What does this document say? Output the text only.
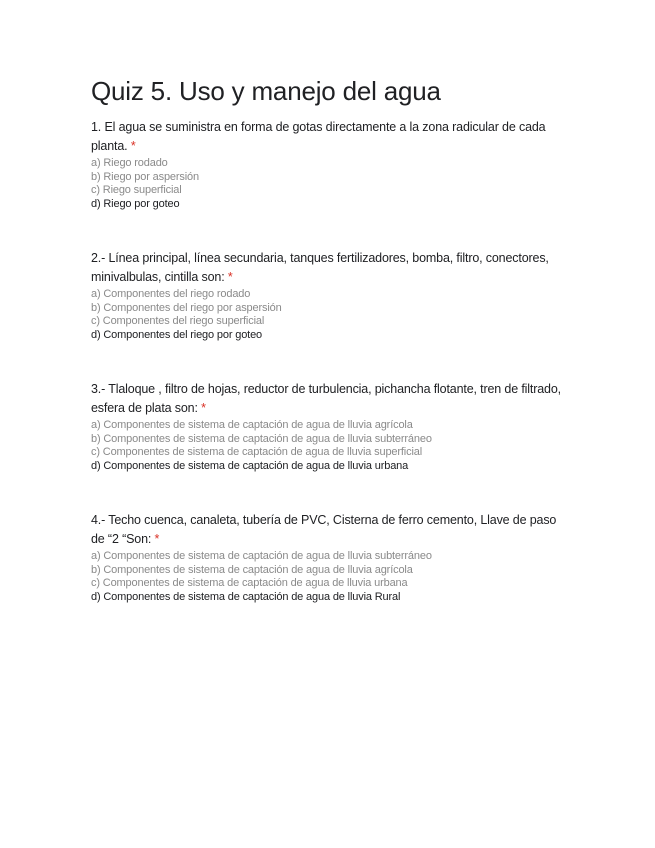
Quiz 5. Uso y manejo del agua
1. El agua se suministra en forma de gotas directamente a la zona radicular de cada planta. *
a) Riego rodado
b) Riego por aspersión
c) Riego superficial
d) Riego por goteo
2.- Línea principal, línea secundaria, tanques fertilizadores, bomba, filtro, conectores, minivalbulas, cintilla son: *
a) Componentes del riego rodado
b) Componentes del riego por aspersión
c) Componentes del riego superficial
d) Componentes del riego por goteo
3.- Tlaloque , filtro de hojas, reductor de turbulencia, pichancha flotante, tren de filtrado, esfera de plata son: *
a) Componentes de sistema de captación de agua de lluvia agrícola
b) Componentes de sistema de captación de agua de lluvia subterráneo
c) Componentes de sistema de captación de agua de lluvia superficial
d) Componentes de sistema de captación de agua de lluvia urbana
4.- Techo cuenca, canaleta, tubería de PVC, Cisterna de ferro cemento, Llave de paso de “2 “Son: *
a) Componentes de sistema de captación de agua de lluvia subterráneo
b) Componentes de sistema de captación de agua de lluvia agrícola
c) Componentes de sistema de captación de agua de lluvia urbana
d) Componentes de sistema de captación de agua de lluvia Rural
